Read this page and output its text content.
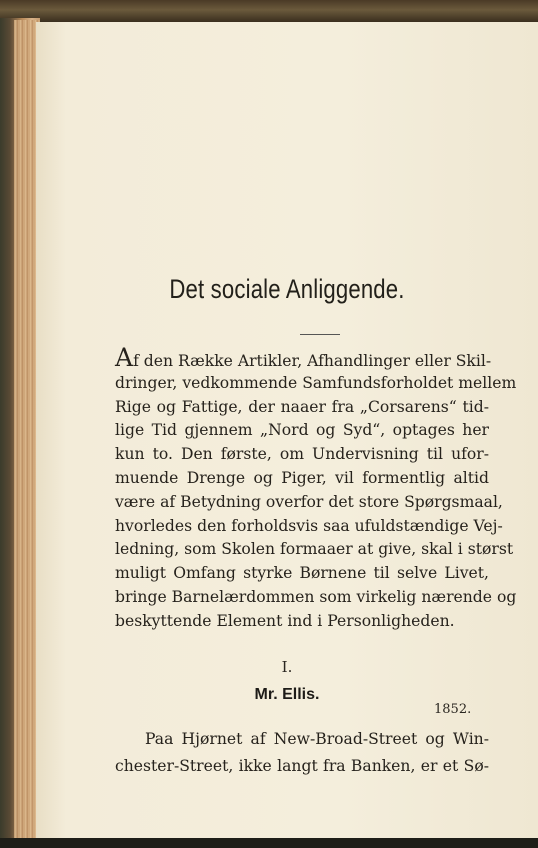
Det sociale Anliggende.
Af den Række Artikler, Afhandlinger eller Skil-
dringer, vedkommende Samfundsforholdet mellem
Rige og Fattige, der naaer fra „Corsarens“ tid-
lige Tid gjennem „Nord og Syd“, optages her
kun to. Den første, om Undervisning til ufor-
muende Drenge og Piger, vil formentlig altid
være af Betydning overfor det store Spørgsmaal,
hvorledes den forholdsvis saa ufuldstændige Vej-
ledning, som Skolen formaaer at give, skal i størst
muligt Omfang styrke Børnene til selve Livet,
bringe Barnelærdommen som virkelig nærende og
beskyttende Element ind i Personligheden.
I.
Mr. Ellis.
1852.
Paa Hjørnet af New-Broad-Street og Win-
chester-Street, ikke langt fra Banken, er et Sø-
